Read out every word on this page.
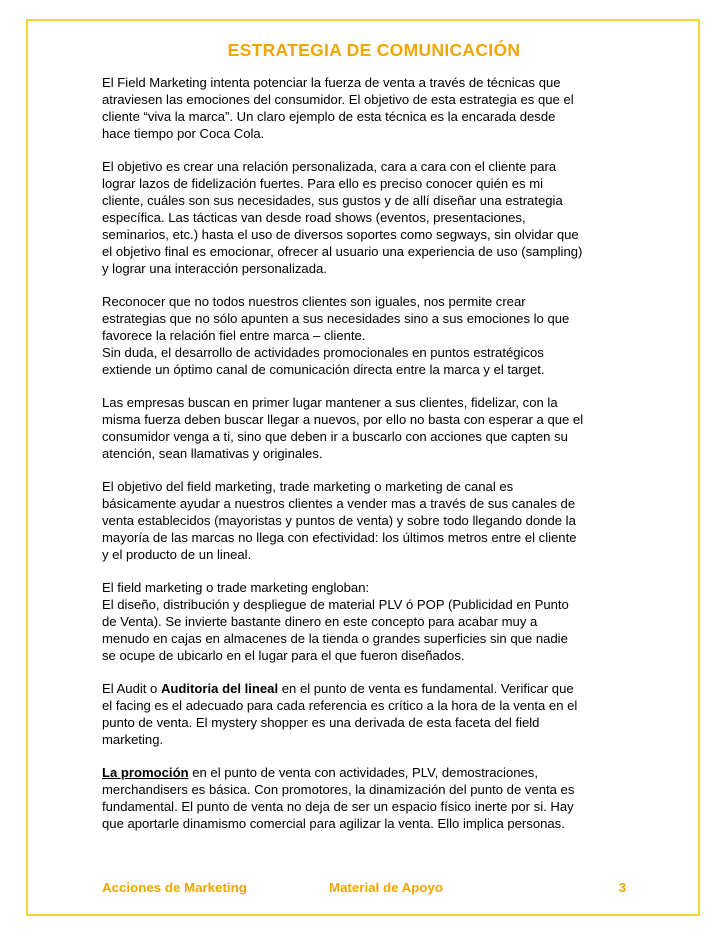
ESTRATEGIA DE COMUNICACIÓN
El Field Marketing intenta potenciar la fuerza de venta a través de técnicas que
atraviesen las emociones del consumidor. El objetivo de esta estrategia es que el
cliente “viva la marca”. Un claro ejemplo de esta técnica es la encarada desde
hace tiempo por Coca Cola.
El objetivo es crear una relación personalizada, cara a cara con el cliente para
lograr lazos de fidelización fuertes. Para ello es preciso conocer quién es mi
cliente, cuáles son sus necesidades, sus gustos y de allí diseñar una estrategia
específica. Las tácticas van desde road shows (eventos, presentaciones,
seminarios, etc.) hasta el uso de diversos soportes como segways, sin olvidar que
el objetivo final es emocionar, ofrecer al usuario una experiencia de uso (sampling)
y lograr una interacción personalizada.
Reconocer que no todos nuestros clientes son iguales, nos permite crear
estrategias que no sólo apunten a sus necesidades sino a sus emociones lo que
favorece la relación fiel entre marca – cliente.
Sin duda, el desarrollo de actividades promocionales en puntos estratégicos
extiende un óptimo canal de comunicación directa entre la marca y el target.
Las empresas buscan en primer lugar mantener a sus clientes, fidelizar, con la
misma fuerza deben buscar llegar a nuevos, por ello no basta con esperar a que el
consumidor venga a ti, sino que deben ir a buscarlo con acciones que capten su
atención, sean llamativas y originales.
El objetivo del field marketing, trade marketing o marketing de canal es
básicamente ayudar a nuestros clientes a vender mas a través de sus canales de
venta establecidos (mayoristas y puntos de venta) y sobre todo llegando donde la
mayoría de las marcas no llega con efectividad: los últimos metros entre el cliente
y el producto de un lineal.
El field marketing o trade marketing engloban:
El diseño, distribución y despliegue de material PLV ó POP (Publicidad en Punto
de Venta). Se invierte bastante dinero en este concepto para acabar muy a
menudo en cajas en almacenes de la tienda o grandes superficies sin que nadie
se ocupe de ubicarlo en el lugar para el que fueron diseñados.
El Audit o Auditoria del lineal en el punto de venta es fundamental. Verificar que
el facing es el adecuado para cada referencia es crítico a la hora de la venta en el
punto de venta. El mystery shopper es una derivada de esta faceta del field
marketing.
La promoción en el punto de venta con actividades, PLV, demostraciones,
merchandisers es básica. Con promotores, la dinamización del punto de venta es
fundamental. El punto de venta no deja de ser un espacio físico inerte por si. Hay
que aportarle dinamismo comercial para agilizar la venta. Ello implica personas.
Acciones de Marketing	Material de Apoyo	3
